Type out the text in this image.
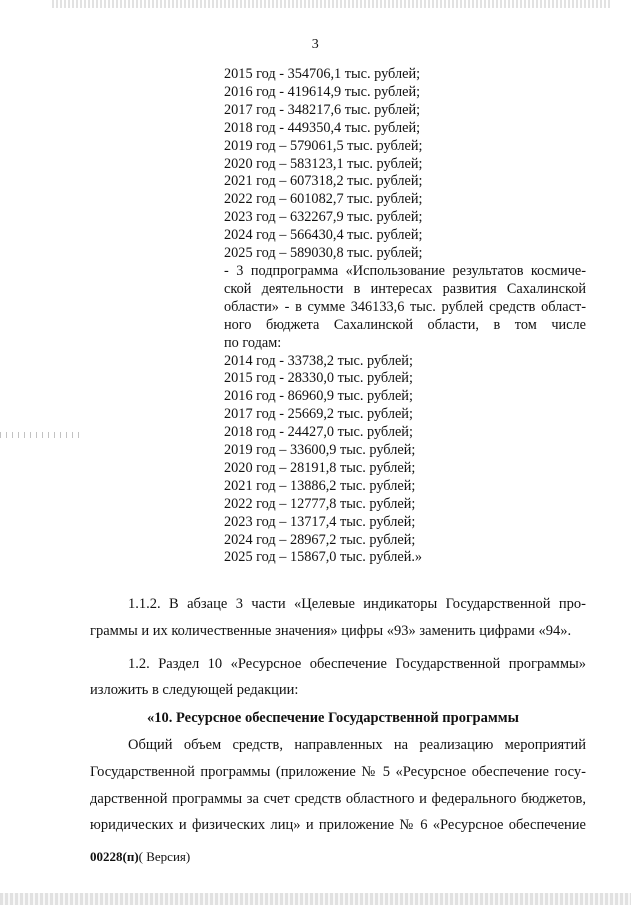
3
2015 год - 354706,1 тыс. рублей;
2016 год - 419614,9 тыс. рублей;
2017 год - 348217,6 тыс. рублей;
2018 год - 449350,4 тыс. рублей;
2019 год – 579061,5 тыс. рублей;
2020 год – 583123,1 тыс. рублей;
2021 год – 607318,2 тыс. рублей;
2022 год – 601082,7 тыс. рублей;
2023 год – 632267,9 тыс. рублей;
2024 год – 566430,4 тыс. рублей;
2025 год – 589030,8 тыс. рублей;
- 3 подпрограмма «Использование результатов космиче-
ской деятельности в интересах развития Сахалинской
области» - в сумме 346133,6 тыс. рублей средств област-
ного бюджета Сахалинской области, в том числе
по годам:
2014 год - 33738,2 тыс. рублей;
2015 год - 28330,0 тыс. рублей;
2016 год - 86960,9 тыс. рублей;
2017 год - 25669,2 тыс. рублей;
2018 год - 24427,0 тыс. рублей;
2019 год – 33600,9 тыс. рублей;
2020 год – 28191,8 тыс. рублей;
2021 год – 13886,2 тыс. рублей;
2022 год – 12777,8 тыс. рублей;
2023 год – 13717,4 тыс. рублей;
2024 год – 28967,2 тыс. рублей;
2025 год – 15867,0 тыс. рублей.»
1.1.2. В абзаце 3 части «Целевые индикаторы Государственной про-
граммы и их количественные значения» цифры «93» заменить цифрами «94».
1.2. Раздел 10 «Ресурсное обеспечение Государственной программы»
изложить в следующей редакции:
«10. Ресурсное обеспечение Государственной программы
Общий объем средств, направленных на реализацию мероприятий
Государственной программы (приложение № 5 «Ресурсное обеспечение госу-
дарственной программы за счет средств областного и федерального бюджетов,
юридических и физических лиц» и приложение № 6 «Ресурсное обеспечение
00228(п)( Версия)
